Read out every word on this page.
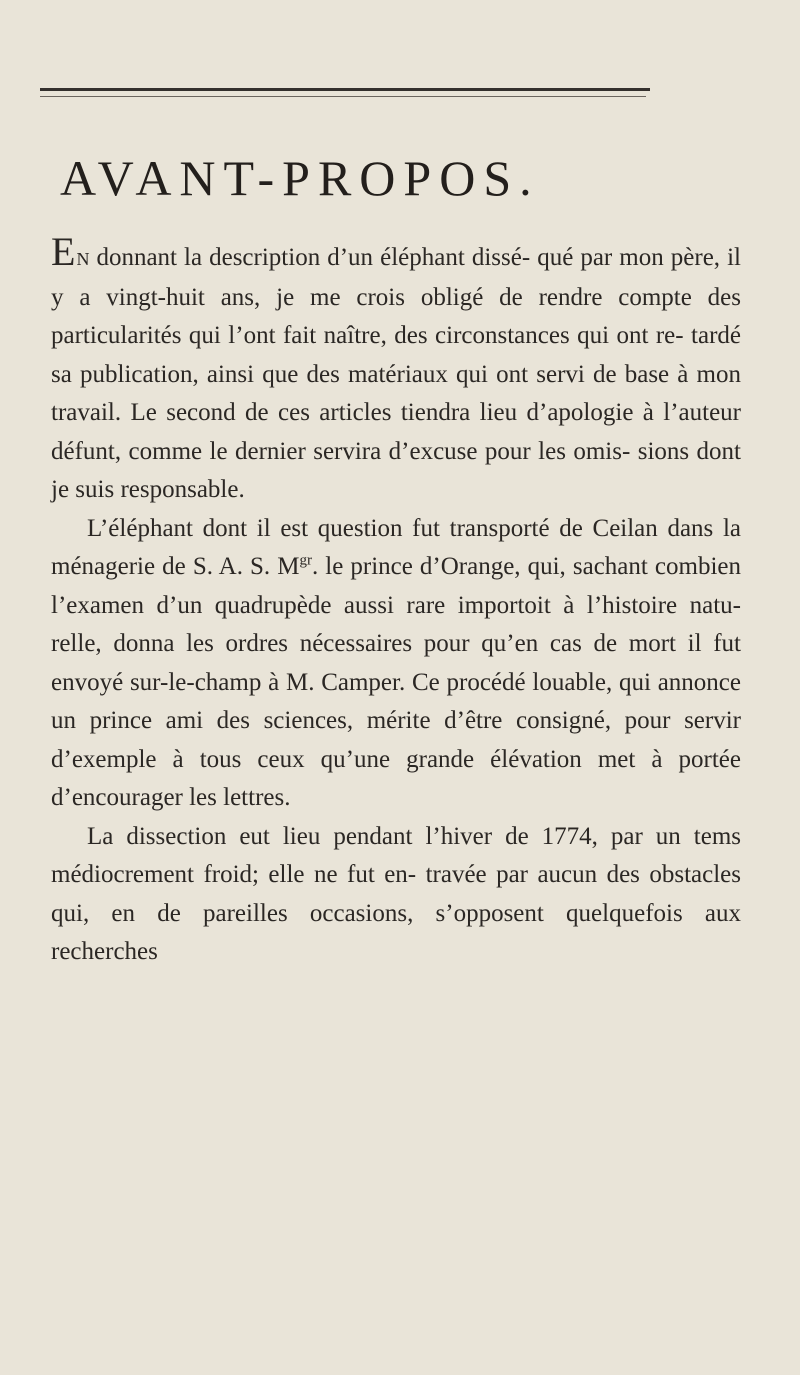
AVANT-PROPOS.

EN donnant la description d’un éléphant dissé- qué par mon père, il y a vingt-huit ans, je me crois obligé de rendre compte des particularités qui l’ont fait naître, des circonstances qui ont re- tardé sa publication, ainsi que des matériaux qui ont servi de base à mon travail. Le second de ces articles tiendra lieu d’apologie à l’auteur défunt, comme le dernier servira d’excuse pour les omis- sions dont je suis responsable.

L’éléphant dont il est question fut transporté de Ceilan dans la ménagerie de S. A. S. $M^{gr}$. le prince d’Orange, qui, sachant combien l’examen d’un quadrupède aussi rare importoit à l’histoire natu- relle, donna les ordres nécessaires pour qu’en cas de mort il fut envoyé sur-le-champ à M. Camper. Ce procédé louable, qui annonce un prince ami des sciences, mérite d’être consigné, pour servir d’exemple à tous ceux qu’une grande élévation met à portée d’encourager les lettres.

La dissection eut lieu pendant l’hiver de 1774, par un tems médiocrement froid; elle ne fut en- travée par aucun des obstacles qui, en de pareilles occasions, s’opposent quelquefois aux recherches
